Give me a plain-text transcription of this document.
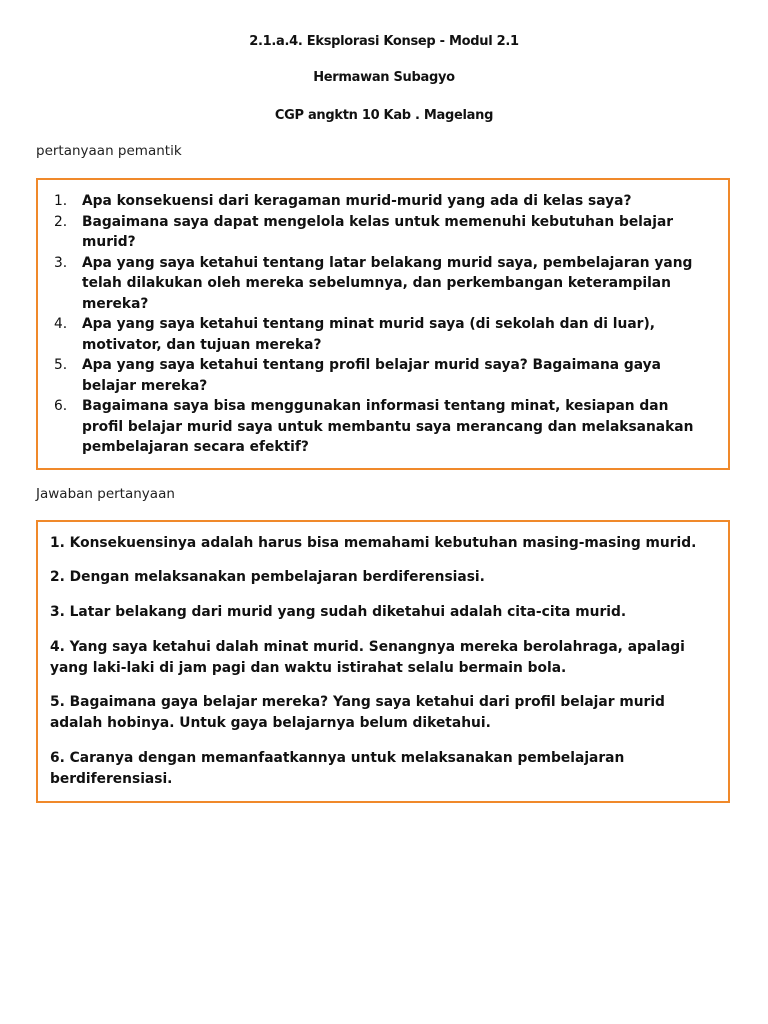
2.1.a.4. Eksplorasi Konsep - Modul 2.1
Hermawan Subagyo
CGP angktn 10 Kab . Magelang
pertanyaan pemantik
1.	Apa konsekuensi dari keragaman murid-murid yang ada di kelas saya?
2.	Bagaimana saya dapat mengelola kelas untuk memenuhi kebutuhan belajar murid?
3.	Apa yang saya ketahui tentang latar belakang murid saya, pembelajaran yang telah dilakukan oleh mereka sebelumnya, dan perkembangan keterampilan mereka?
4.	Apa yang saya ketahui tentang minat murid saya (di sekolah dan di luar), motivator, dan tujuan mereka?
5.	Apa yang saya ketahui tentang profil belajar murid saya? Bagaimana gaya belajar mereka?
6.	Bagaimana saya bisa menggunakan informasi tentang minat, kesiapan dan profil belajar murid saya untuk membantu saya merancang dan melaksanakan pembelajaran secara efektif?
Jawaban pertanyaan
1. Konsekuensinya adalah harus bisa memahami kebutuhan masing-masing murid.
2. Dengan melaksanakan pembelajaran berdiferensiasi.
3. Latar belakang dari murid yang sudah diketahui adalah cita-cita murid.
4. Yang saya ketahui dalah minat murid. Senangnya mereka berolahraga, apalagi yang laki-laki di jam pagi dan waktu istirahat selalu bermain bola.
5. Bagaimana gaya belajar mereka? Yang saya ketahui dari profil belajar murid adalah hobinya. Untuk gaya belajarnya belum diketahui.
6. Caranya dengan memanfaatkannya untuk melaksanakan pembelajaran berdiferensiasi.
